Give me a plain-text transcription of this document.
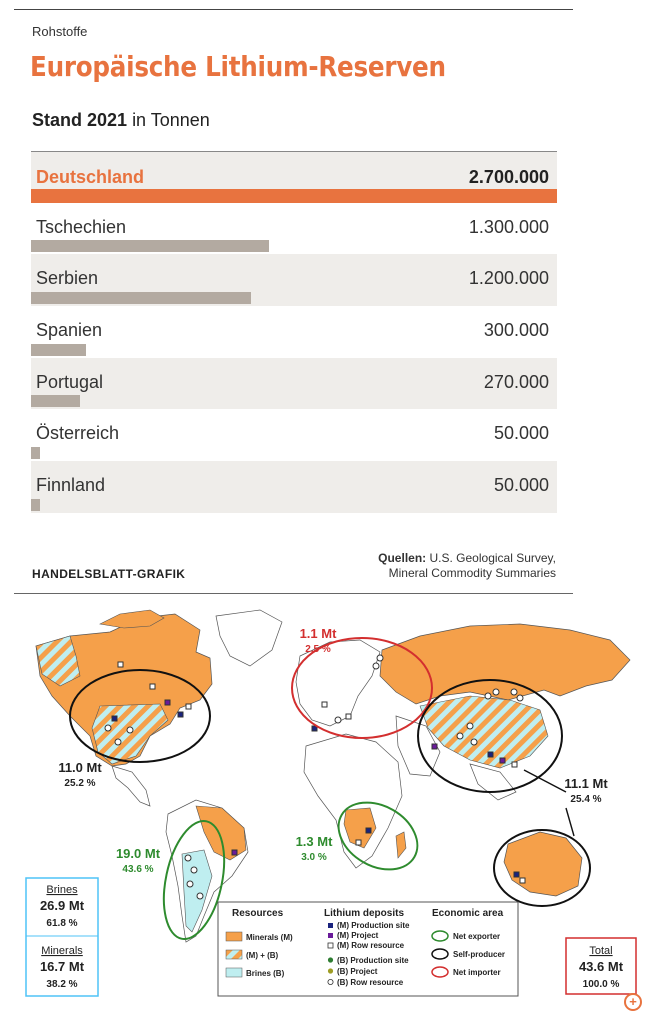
Rohstoffe
Europäische Lithium-Reserven
Stand 2021 in Tonnen
Deutschland	2.700.000
Tschechien	1.300.000
Serbien	1.200.000
Spanien	300.000
Portugal	270.000
Österreich	50.000
Finnland	50.000
HANDELSBLATT-GRAFIK
Quellen: U.S. Geological Survey,
Mineral Commodity Summaries
11.0 Mt
25.2 %
1.1 Mt
2.5 %
11.1 Mt
25.4 %
19.0 Mt
43.6 %
1.3 Mt
3.0 %
Brines
26.9 Mt
61.8 %
Minerals
16.7 Mt
38.2 %
Total
43.6 Mt
100.0 %
Resources
Minerals (M)
(M) + (B)
Brines (B)
Lithium deposits
(M) Production site
(M) Project
(M) Row resource
(B) Production site
(B) Project
(B) Row resource
Economic area
Net exporter
Self-producer
Net importer
+
